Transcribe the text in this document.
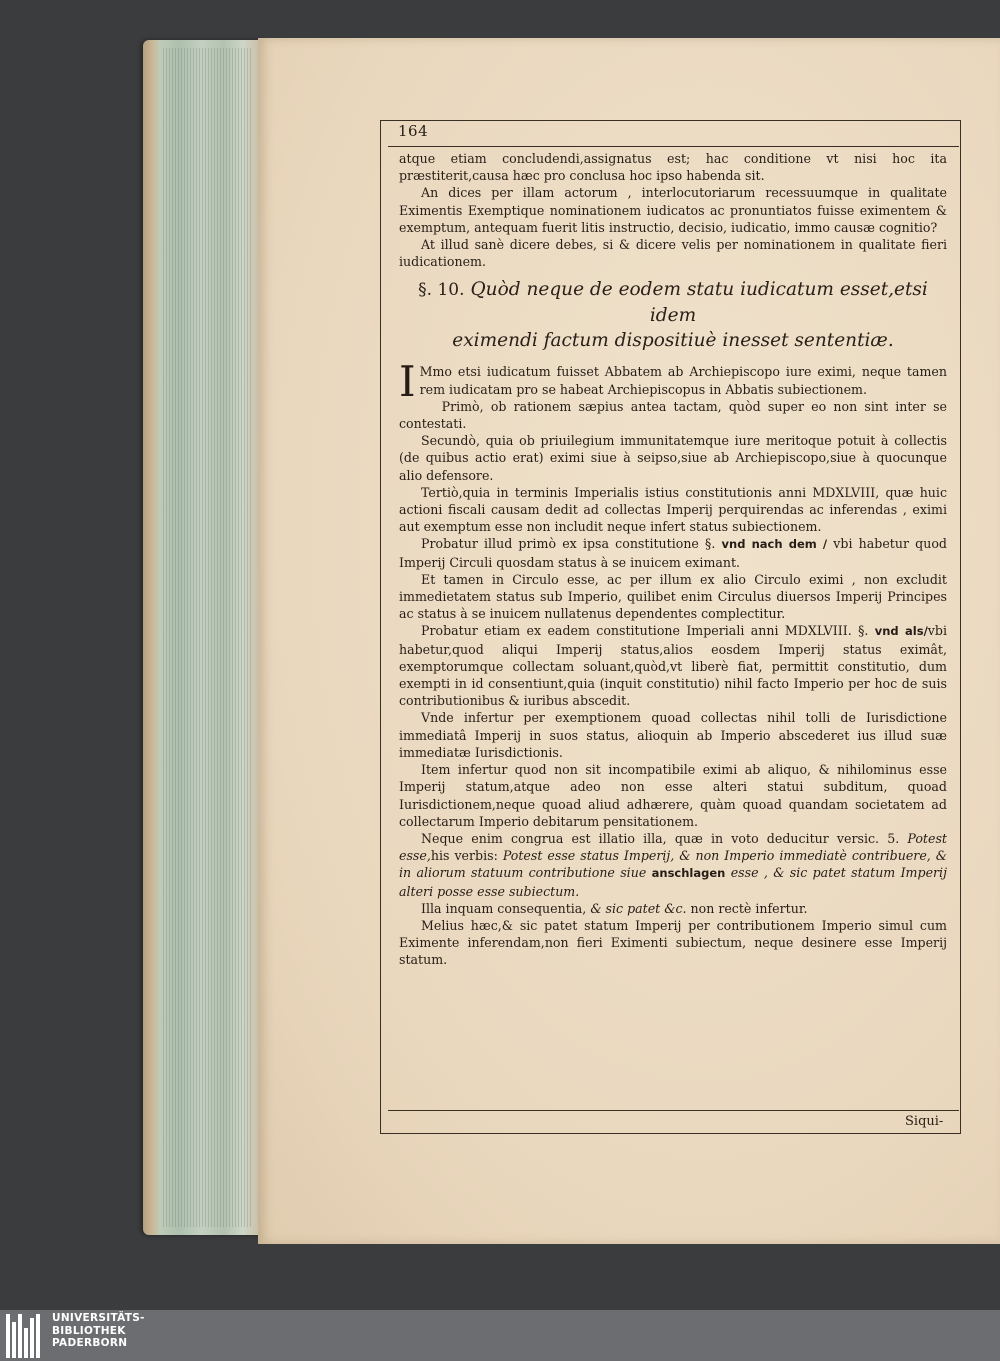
164

atque etiam concludendi,assignatus est; hac conditione vt nisi hoc ita præstiterit,causa hæc pro conclusa hoc ipso habenda sit.

An dices per illam actorum , interlocutoriarum recessuumque in qualitate Eximentis Exemptique nominationem iudicatos ac pronuntiatos fuisse eximentem & exemptum, antequam fuerit litis instructio, decisio, iudicatio, immo causæ cognitio?

At illud sanè dicere debes, si & dicere velis per nominationem in qualitate fieri iudicationem.

§. 10. Quòd neque de eodem statu iudicatum esset,etsi idem
eximendi factum dispositiuè inesset sententiæ.

I Mmo etsi iudicatum fuisset Abbatem ab Archiepiscopo iure eximi, neque tamen rem iudicatam pro se habeat Archiepiscopus in Abbatis subiectionem.

Primò, ob rationem sæpius antea tactam, quòd super eo non sint inter se contestati.

Secundò, quia ob priuilegium immunitatemque iure meritoque potuit à collectis (de quibus actio erat) eximi siue à seipso,siue ab Archiepiscopo,siue à quocunque alio defensore.

Tertiò,quia in terminis Imperialis istius constitutionis anni MDXLVIII, quæ huic actioni fiscali causam dedit ad collectas Imperij perquirendas ac inferendas , eximi aut exemptum esse non includit neque infert status subiectionem.

Probatur illud primò ex ipsa constitutione §. vnd nach dem / vbi habetur quod Imperij Circuli quosdam status à se inuicem eximant.

Et tamen in Circulo esse, ac per illum ex alio Circulo eximi , non excludit immedietatem status sub Imperio, quilibet enim Circulus diuersos Imperij Principes ac status à se inuicem nullatenus dependentes complectitur.

Probatur etiam ex eadem constitutione Imperiali anni MDXLVIII. §. vnd als/vbi habetur,quod aliqui Imperij status,alios eosdem Imperij status eximât, exemptorumque collectam soluant,quòd,vt liberè fiat, permittit constitutio, dum exempti in id consentiunt,quia (inquit constitutio) nihil facto Imperio per hoc de suis contributionibus & iuribus abscedit.

Vnde infertur per exemptionem quoad collectas nihil tolli de Iurisdictione immediatâ Imperij in suos status, alioquin ab Imperio abscederet ius illud suæ immediatæ Iurisdictionis.

Item infertur quod non sit incompatibile eximi ab aliquo, & nihilominus esse Imperij statum,atque adeo non esse alteri statui subditum, quoad Iurisdictionem,neque quoad aliud adhærere, quàm quoad quandam societatem ad collectarum Imperio debitarum pensitationem.

Neque enim congrua est illatio illa, quæ in voto deducitur versic. 5. Potest esse,his verbis: Potest esse status Imperij, & non Imperio immediatè contribuere, & in aliorum statuum contributione siue anschlagen esse , & sic patet statum Imperij alteri posse esse subiectum.

Illa inquam consequentia, & sic patet &c. non rectè infertur.

Melius hæc,& sic patet statum Imperij per contributionem Imperio simul cum Eximente inferendam,non fieri Eximenti subiectum, neque desinere esse Imperij statum.

Siqui-
UNIVERSITÄTS-
BIBLIOTHEK
PADERBORN
